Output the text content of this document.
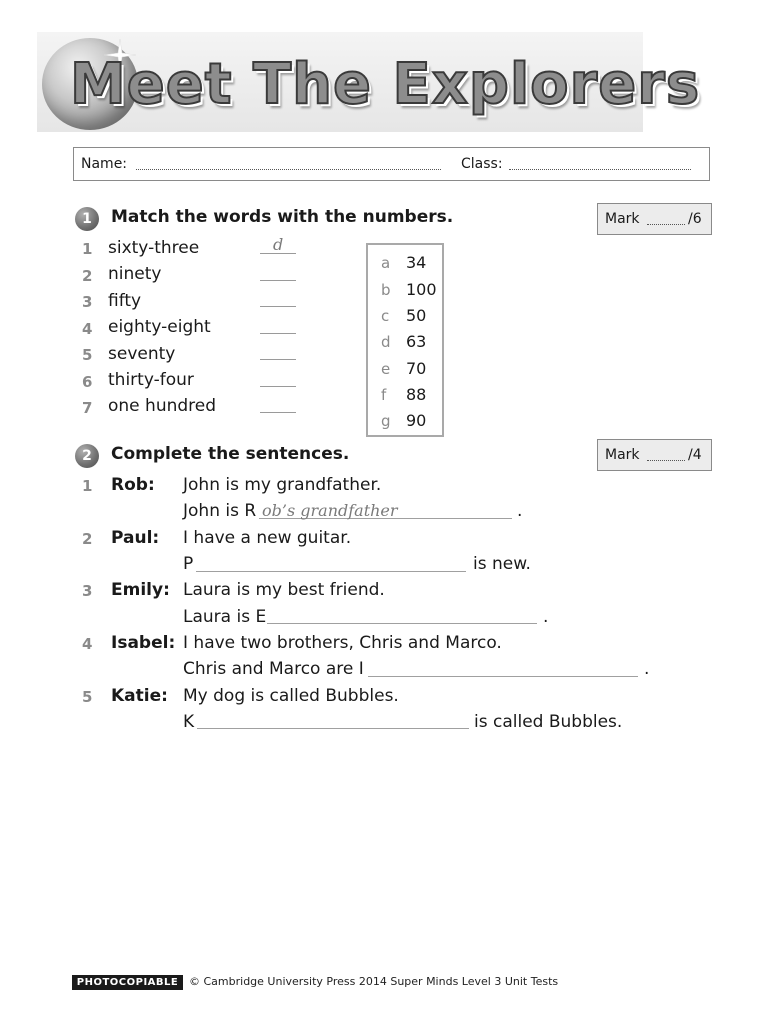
Meet The Explorers
Name:	Class:
1	Match the words with the numbers.	Mark	/6
1 sixty-three	d
2 ninety
3 fifty
4 eighty-eight
5 seventy
6 thirty-four
7 one hundred
a 34
b 100
c 50
d 63
e 70
f 88
g 90
2	Complete the sentences.	Mark	/4
1 Rob: John is my grandfather.
John is R ob’s grandfather	.
2 Paul: I have a new guitar.
P	is new.
3 Emily: Laura is my best friend.
Laura is E	.
4 Isabel: I have two brothers, Chris and Marco.
Chris and Marco are I	.
5 Katie: My dog is called Bubbles.
K	is called Bubbles.
PHOTOCOPIABLE © Cambridge University Press 2014 Super Minds Level 3 Unit Tests
